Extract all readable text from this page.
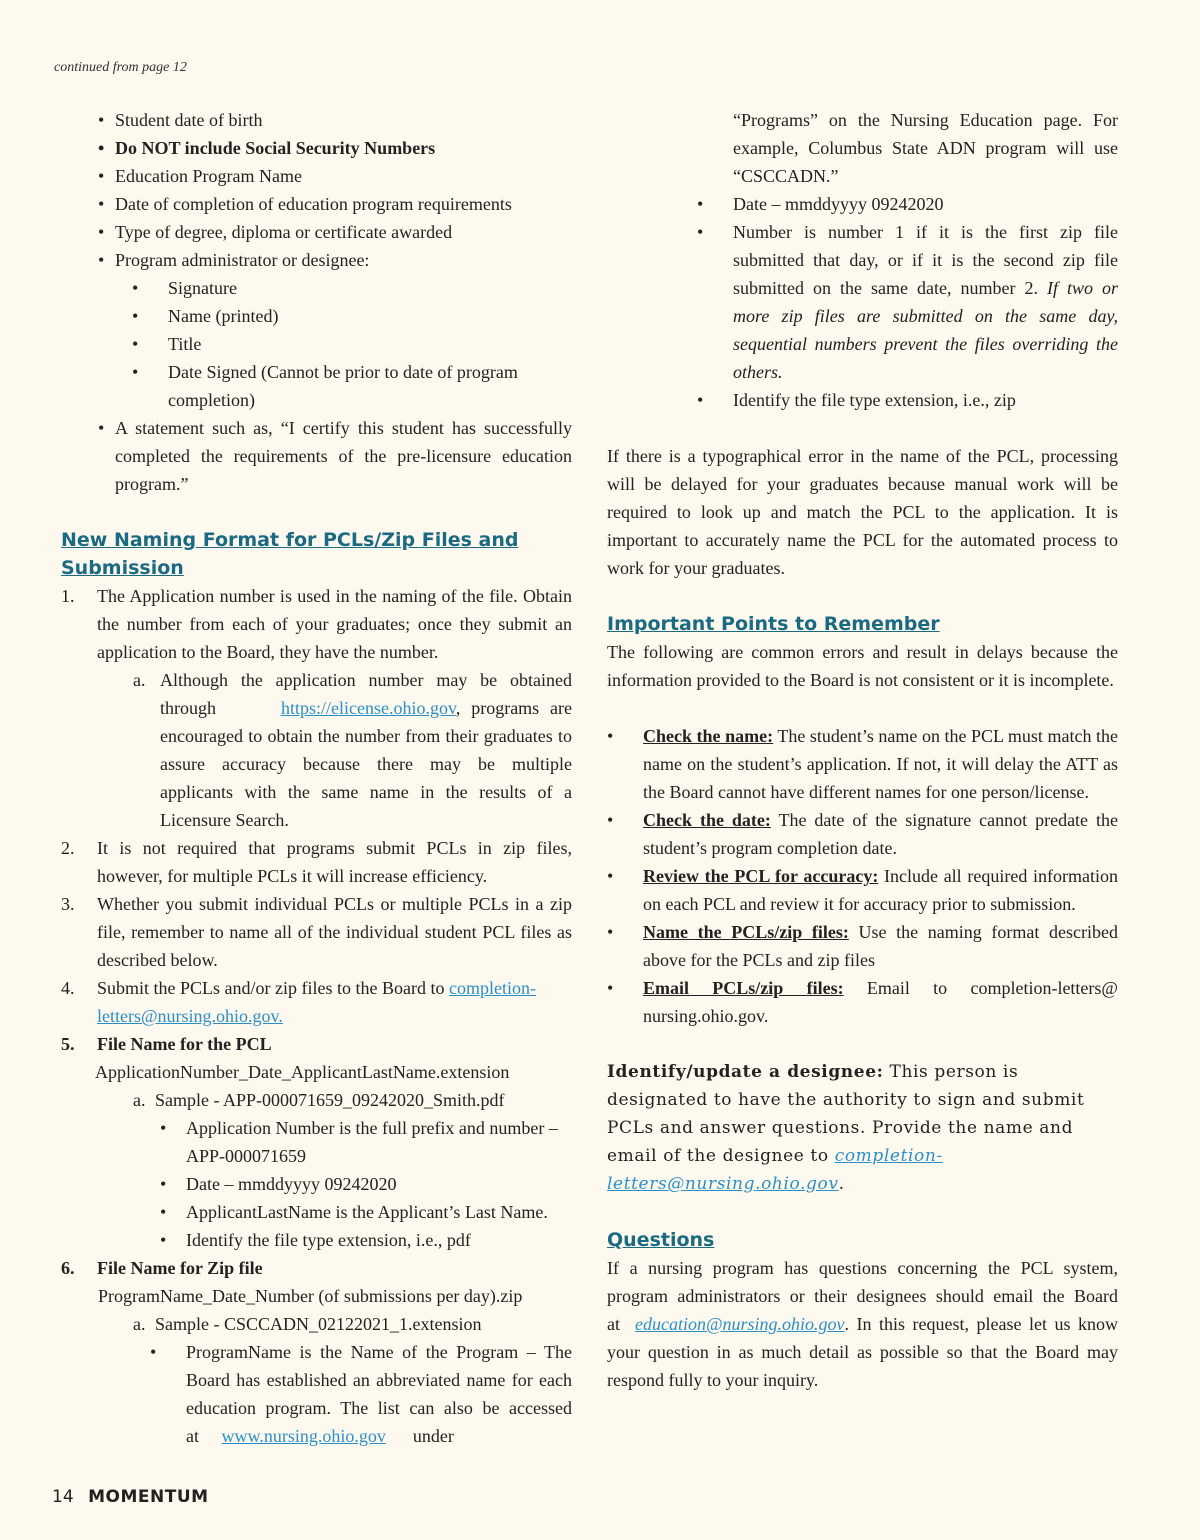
continued from page 12
• Student date of birth
• Do NOT include Social Security Numbers
• Education Program Name
• Date of completion of education program requirements
• Type of degree, diploma or certificate awarded
• Program administrator or designee:
• Signature
• Name (printed)
• Title
• Date Signed (Cannot be prior to date of program completion)
• A statement such as, “I certify this student has successfully completed the requirements of the pre-licensure education program.”
New Naming Format for PCLs/Zip Files and Submission
1. The Application number is used in the naming of the file. Obtain the number from each of your graduates; once they submit an application to the Board, they have the number.
a. Although the application number may be obtained through	https://elicense.ohio.gov, programs are encouraged to obtain the number from their graduates to assure accuracy because there may be multiple applicants with the same name in the results of a Licensure Search.
2. It is not required that programs submit PCLs in zip files, however, for multiple PCLs it will increase efficiency.
3. Whether you submit individual PCLs or multiple PCLs in a zip file, remember to name all of the individual student PCL files as described below.
4. Submit the PCLs and/or zip files to the Board to completion-letters@nursing.ohio.gov.
5. File Name for the PCL
ApplicationNumber_Date_ApplicantLastName.extension
a. Sample - APP-000071659_09242020_Smith.pdf
• Application Number is the full prefix and number – APP-000071659
• Date – mmddyyyy 09242020
• ApplicantLastName is the Applicant’s Last Name.
• Identify the file type extension, i.e., pdf
6. File Name for Zip file
ProgramName_Date_Number (of submissions per day).zip
a. Sample - CSCCADN_02122021_1.extension
• ProgramName is the Name of the Program – The Board has established an abbreviated name for each education program. The list can also be accessed at www.nursing.ohio.gov under
“Programs” on the Nursing Education page. For example, Columbus State ADN program will use “CSCCADN.”
• Date – mmddyyyy 09242020
• Number is number 1 if it is the first zip file submitted that day, or if it is the second zip file submitted on the same date, number 2. If two or more zip files are submitted on the same day, sequential numbers prevent the files overriding the others.
• Identify the file type extension, i.e., zip

If there is a typographical error in the name of the PCL, processing will be delayed for your graduates because manual work will be required to look up and match the PCL to the application. It is important to accurately name the PCL for the automated process to work for your graduates.

Important Points to Remember

The following are common errors and result in delays because the information provided to the Board is not consistent or it is incomplete.

• Check the name: The student’s name on the PCL must match the name on the student’s application. If not, it will delay the ATT as the Board cannot have different names for one person/license.
• Check the date: The date of the signature cannot predate the student’s program completion date.
• Review the PCL for accuracy: Include all required information on each PCL and review it for accuracy prior to submission.
• Name the PCLs/zip files: Use the naming format described above for the PCLs and zip files
• Email PCLs/zip files: Email to completion-letters@ nursing.ohio.gov.

Identify/update a designee: This person is designated to have the authority to sign and submit PCLs and answer questions. Provide the name and email of the designee to completion-letters@nursing.ohio.gov.

Questions

If a nursing program has questions concerning the PCL system, program administrators or their designees should email the Board at education@nursing.ohio.gov. In this request, please let us know your question in as much detail as possible so that the Board may respond fully to your inquiry.

14 MOMENTUM
